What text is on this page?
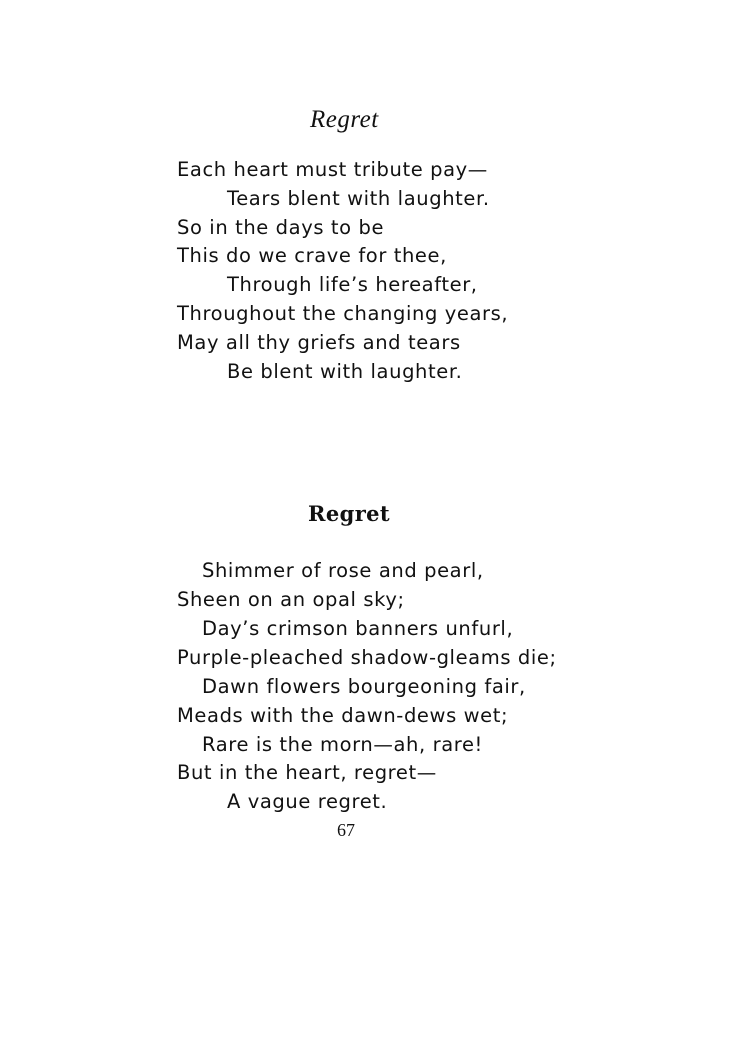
Regret
Each heart must tribute pay—
Tears blent with laughter.
So in the days to be
This do we crave for thee,
Through life’s hereafter,
Throughout the changing years,
May all thy griefs and tears
Be blent with laughter.
Regret
Shimmer of rose and pearl,
Sheen on an opal sky;
Day’s crimson banners unfurl,
Purple-pleached shadow-gleams die;
Dawn flowers bourgeoning fair,
Meads with the dawn-dews wet;
Rare is the morn—ah, rare!
But in the heart, regret—
A vague regret.
67
